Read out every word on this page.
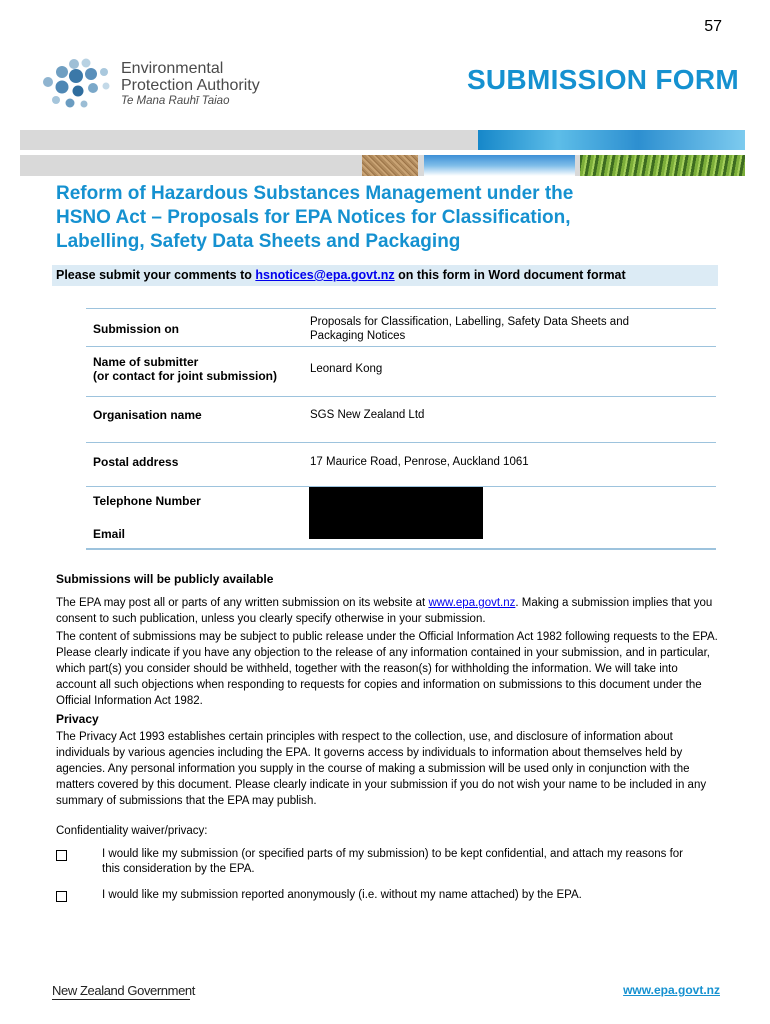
57
Environmental
Protection Authority
Te Mana Rauhī Taiao
SUBMISSION FORM
Reform of Hazardous Substances Management under the
HSNO Act – Proposals for EPA Notices for Classification,
Labelling, Safety Data Sheets and Packaging
Please submit your comments to hsnotices@epa.govt.nz on this form in Word document format
Submission on	Proposals for Classification, Labelling, Safety Data Sheets and
Packaging Notices
Name of submitter
(or contact for joint submission)	Leonard Kong
Organisation name	SGS New Zealand Ltd
Postal address	17 Maurice Road, Penrose, Auckland 1061
Telephone Number
Email
Submissions will be publicly available
The EPA may post all or parts of any written submission on its website at www.epa.govt.nz. Making a submission implies that you consent to such publication, unless you clearly specify otherwise in your submission.
The content of submissions may be subject to public release under the Official Information Act 1982 following requests to the EPA. Please clearly indicate if you have any objection to the release of any information contained in your submission, and in particular, which part(s) you consider should be withheld, together with the reason(s) for withholding the information. We will take into account all such objections when responding to requests for copies and information on submissions to this document under the Official Information Act 1982.
Privacy
The Privacy Act 1993 establishes certain principles with respect to the collection, use, and disclosure of information about individuals by various agencies including the EPA. It governs access by individuals to information about themselves held by agencies. Any personal information you supply in the course of making a submission will be used only in conjunction with the matters covered by this document. Please clearly indicate in your submission if you do not wish your name to be included in any summary of submissions that the EPA may publish.
Confidentiality waiver/privacy:
I would like my submission (or specified parts of my submission) to be kept confidential, and attach my reasons for this consideration by the EPA.
I would like my submission reported anonymously (i.e. without my name attached) by the EPA.
New Zealand Government	www.epa.govt.nz
